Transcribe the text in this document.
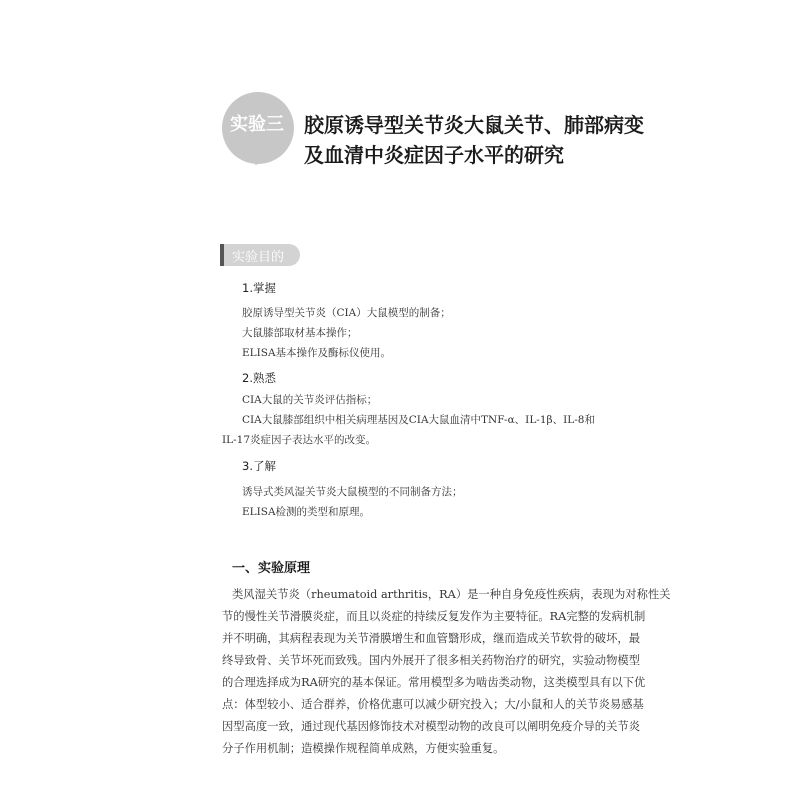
实验三 胶原诱导型关节炎大鼠关节、肺部病变
及血清中炎症因子水平的研究
实验目的
1.掌握
胶原诱导型关节炎（CIA）大鼠模型的制备；
大鼠膝部取材基本操作；
ELISA基本操作及酶标仪使用。
2.熟悉
CIA大鼠的关节炎评估指标；
CIA大鼠膝部组织中相关病理基因及CIA大鼠血清中TNF-α、IL-1β、IL-8和
IL-17炎症因子表达水平的改变。
3.了解
诱导式类风湿关节炎大鼠模型的不同制备方法；
ELISA检测的类型和原理。
一、实验原理
类风湿关节炎（rheumatoid arthritis，RA）是一种自身免疫性疾病，表现为对称性关
节的慢性关节滑膜炎症，而且以炎症的持续反复发作为主要特征。RA完整的发病机制
并不明确，其病程表现为关节滑膜增生和血管翳形成，继而造成关节软骨的破坏，最
终导致骨、关节坏死而致残。国内外展开了很多相关药物治疗的研究，实验动物模型
的合理选择成为RA研究的基本保证。常用模型多为啮齿类动物，这类模型具有以下优
点：体型较小、适合群养，价格优惠可以减少研究投入；大/小鼠和人的关节炎易感基
因型高度一致，通过现代基因修饰技术对模型动物的改良可以阐明免疫介导的关节炎
分子作用机制；造模操作规程简单成熟，方便实验重复。
